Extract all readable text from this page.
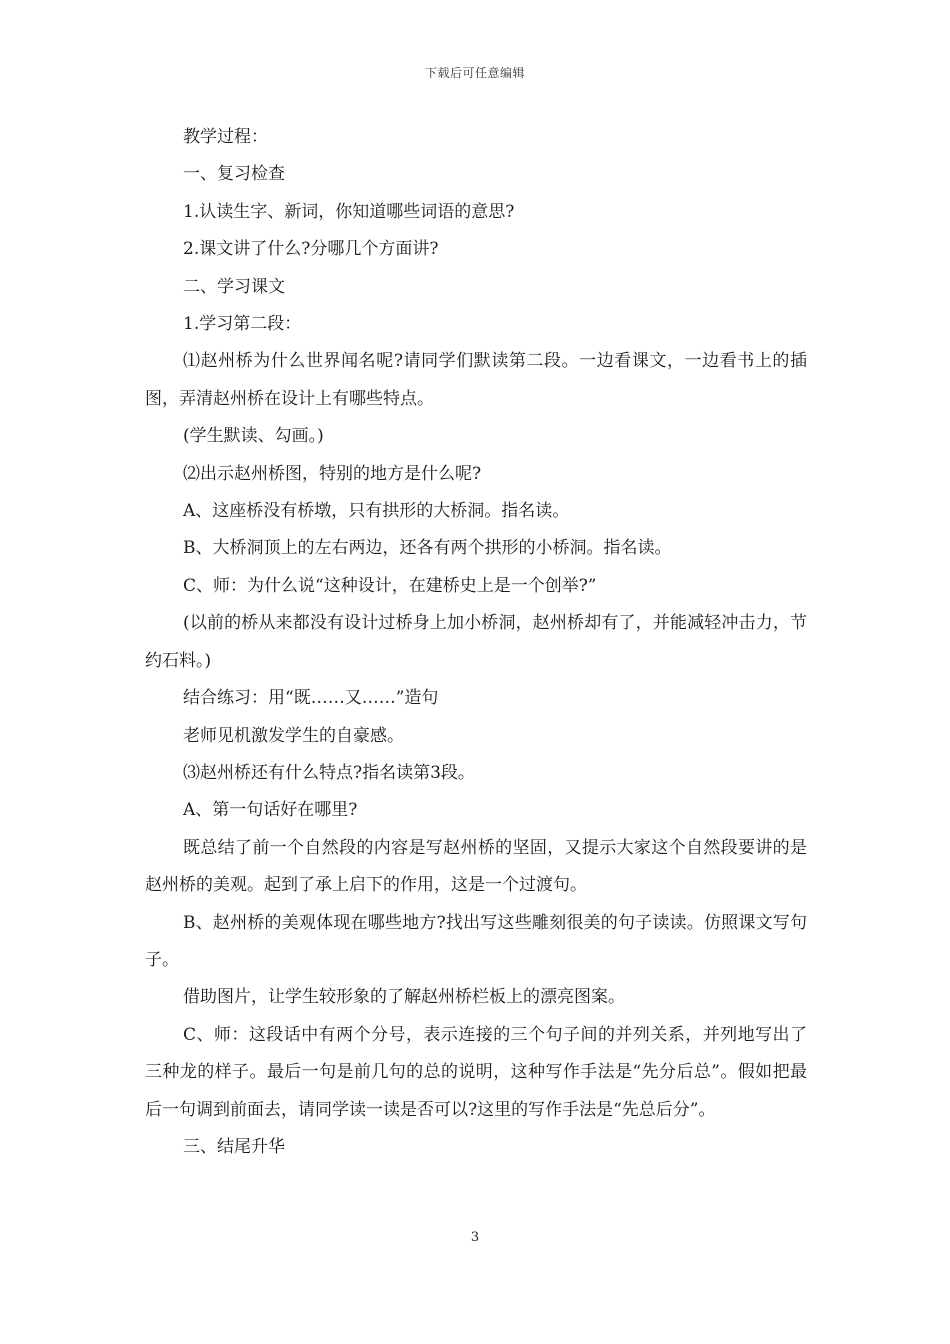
下载后可任意编辑

教学过程：

一、复习检查

1.认读生字、新词，你知道哪些词语的意思?

2.课文讲了什么?分哪几个方面讲?

二、学习课文

1.学习第二段：

⑴赵州桥为什么世界闻名呢?请同学们默读第二段。一边看课文，一边看书上的插图，弄清赵州桥在设计上有哪些特点。

(学生默读、勾画。)

⑵出示赵州桥图，特别的地方是什么呢?

A、这座桥没有桥墩，只有拱形的大桥洞。指名读。

B、大桥洞顶上的左右两边，还各有两个拱形的小桥洞。指名读。

C、师：为什么说“这种设计，在建桥史上是一个创举?”

(以前的桥从来都没有设计过桥身上加小桥洞，赵州桥却有了，并能减轻冲击力，节约石料。)

结合练习：用“既……又……”造句

老师见机激发学生的自豪感。

⑶赵州桥还有什么特点?指名读第3段。

A、第一句话好在哪里?

既总结了前一个自然段的内容是写赵州桥的坚固，又提示大家这个自然段要讲的是赵州桥的美观。起到了承上启下的作用，这是一个过渡句。

B、赵州桥的美观体现在哪些地方?找出写这些雕刻很美的句子读读。仿照课文写句子。

借助图片，让学生较形象的了解赵州桥栏板上的漂亮图案。

C、师：这段话中有两个分号，表示连接的三个句子间的并列关系，并列地写出了三种龙的样子。最后一句是前几句的总的说明，这种写作手法是“先分后总”。假如把最后一句调到前面去，请同学读一读是否可以?这里的写作手法是“先总后分”。

三、结尾升华

3
